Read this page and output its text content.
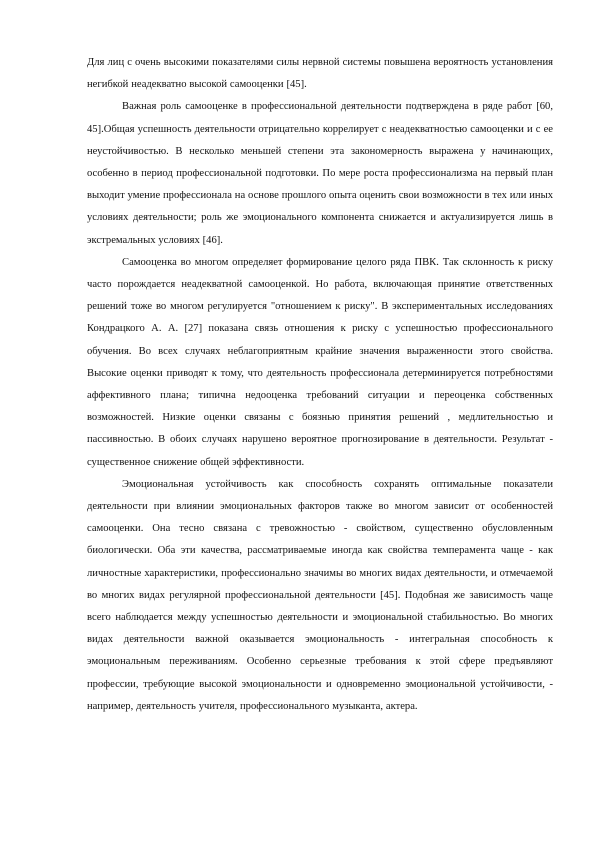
Для лиц с очень высокими показателями силы нервной системы повышена вероятность установления негибкой неадекватно высокой самооценки [45].

Важная роль самооценке в профессиональной деятельности подтверждена в ряде работ [60, 45].Общая успешность деятельности отрицательно коррелирует с неадекватностью самооценки и с ее неустойчивостью. В несколько меньшей степени эта закономерность выражена у начинающих, особенно в период профессиональной подготовки. По мере роста профессионализма на первый план выходит умение профессионала на основе прошлого опыта оценить свои возможности в тех или иных условиях деятельности; роль же эмоционального компонента снижается и актуализируется лишь в экстремальных условиях [46].

Самооценка во многом определяет формирование целого ряда ПВК. Так склонность к риску часто порождается неадекватной самооценкой. Но работа, включающая принятие ответственных решений тоже во многом регулируется "отношением к риску". В экспериментальных исследованиях Кондрацкого А. А. [27] показана связь отношения к риску с успешностью профессионального обучения. Во всех случаях неблагоприятным крайние значения выраженности этого свойства. Высокие оценки приводят к тому, что деятельность профессионала детерминируется потребностями аффективного плана; типична недооценка требований ситуации и переоценка собственных возможностей. Низкие оценки связаны с боязнью принятия решений , медлительностью и пассивностью. В обоих случаях нарушено вероятное прогнозирование в деятельности. Результат - существенное снижение общей эффективности.

Эмоциональная устойчивость как способность сохранять оптимальные показатели деятельности при влиянии эмоциональных факторов также во многом зависит от особенностей самооценки. Она тесно связана с тревожностью - свойством, существенно обусловленным биологически. Оба эти качества, рассматриваемые иногда как свойства темперамента чаще - как личностные характеристики, профессионально значимы во многих видах деятельности, и отмечаемой во многих видах регулярной профессиональной деятельности [45]. Подобная же зависимость чаще всего наблюдается между успешностью деятельности и эмоциональной стабильностью. Во многих видах деятельности важной оказывается эмоциональность - интегральная способность к эмоциональным переживаниям. Особенно серьезные требования к этой сфере предъявляют профессии, требующие высокой эмоциональности и одновременно эмоциональной устойчивости, - например, деятельность учителя, профессионального музыканта, актера.
